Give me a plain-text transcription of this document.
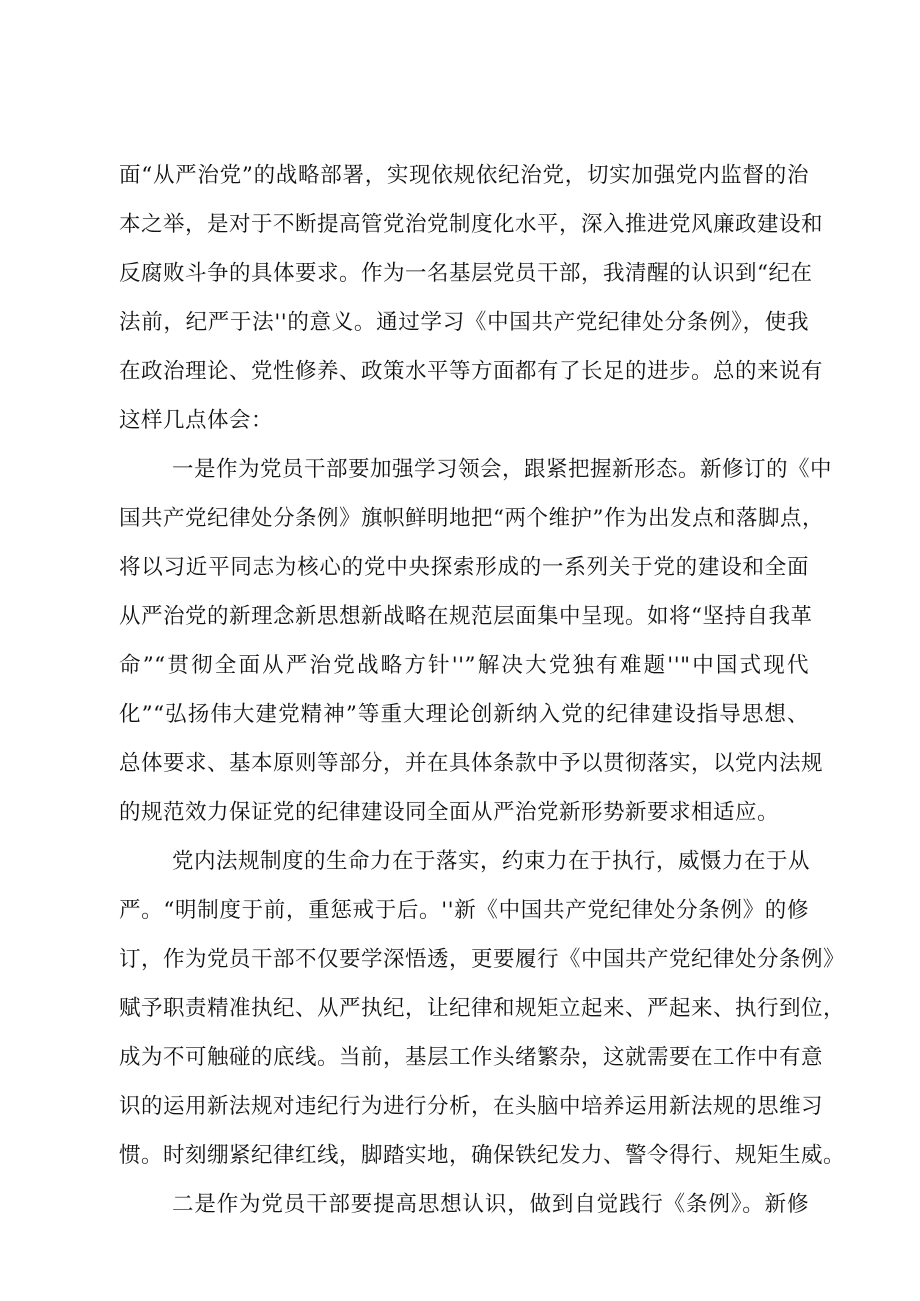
面“从严治党”的战略部署，实现依规依纪治党，切实加强党内监督的治
本之举，是对于不断提高管党治党制度化水平，深入推进党风廉政建设和
反腐败斗争的具体要求。作为一名基层党员干部，我清醒的认识到“纪在
法前，纪严于法''的意义。通过学习《中国共产党纪律处分条例》，使我
在政治理论、党性修养、政策水平等方面都有了长足的进步。总的来说有
这样几点体会：
一是作为党员干部要加强学习领会，跟紧把握新形态。新修订的《中
国共产党纪律处分条例》旗帜鲜明地把“两个维护”作为出发点和落脚点，
将以习近平同志为核心的党中央探索形成的一系列关于党的建设和全面
从严治党的新理念新思想新战略在规范层面集中呈现。如将“坚持自我革
命”“贯彻全面从严治党战略方针''”解决大党独有难题''"中国式现代
化”“弘扬伟大建党精神”等重大理论创新纳入党的纪律建设指导思想、
总体要求、基本原则等部分，并在具体条款中予以贯彻落实，以党内法规
的规范效力保证党的纪律建设同全面从严治党新形势新要求相适应。
党内法规制度的生命力在于落实，约束力在于执行，威慑力在于从
严。“明制度于前，重惩戒于后。''新《中国共产党纪律处分条例》的修
订，作为党员干部不仅要学深悟透，更要履行《中国共产党纪律处分条例》
赋予职责精准执纪、从严执纪，让纪律和规矩立起来、严起来、执行到位，
成为不可触碰的底线。当前，基层工作头绪繁杂，这就需要在工作中有意
识的运用新法规对违纪行为进行分析，在头脑中培养运用新法规的思维习
惯。时刻绷紧纪律红线，脚踏实地，确保铁纪发力、警令得行、规矩生威。
二是作为党员干部要提高思想认识，做到自觉践行《条例》。新修
